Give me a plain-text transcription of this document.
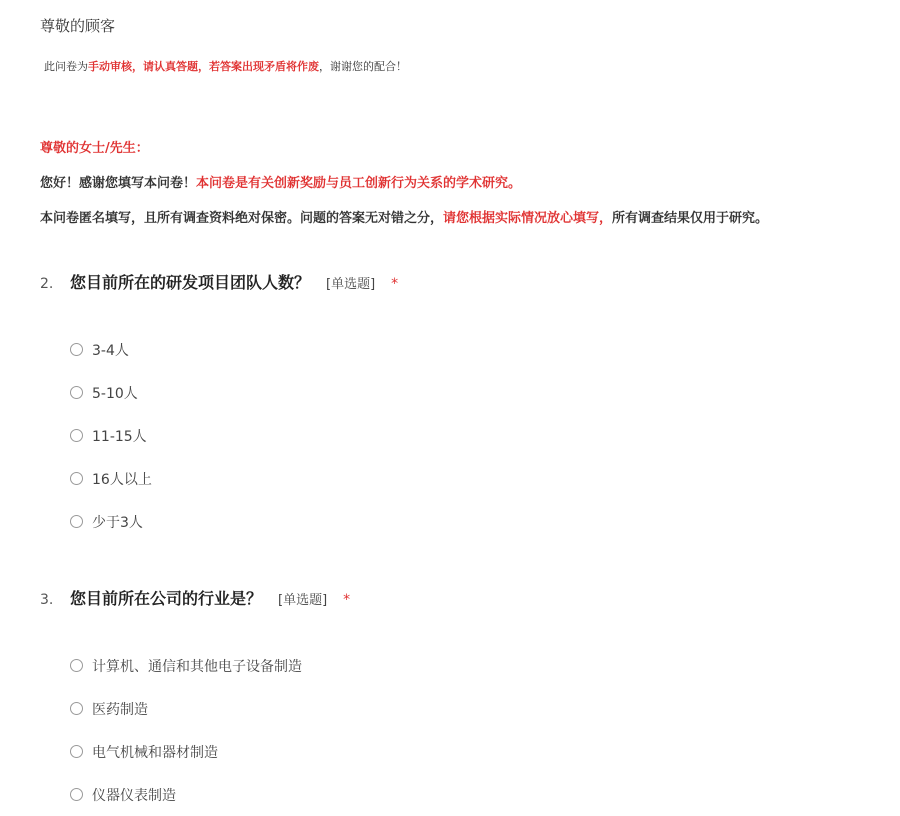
尊敬的顾客
此问卷为手动审核，请认真答题，若答案出现矛盾将作废，谢谢您的配合！
尊敬的女士/先生：
您好！感谢您填写本问卷！本问卷是有关创新奖励与员工创新行为关系的学术研究。
本问卷匿名填写，且所有调查资料绝对保密。问题的答案无对错之分，请您根据实际情况放心填写，所有调查结果仅用于研究。
2.	您目前所在的研发项目团队人数？ [单选题] *
3-4人
5-10人
11-15人
16人以上
少于3人
3.	您目前所在公司的行业是？ [单选题] *
计算机、通信和其他电子设备制造
医药制造
电气机械和器材制造
仪器仪表制造
